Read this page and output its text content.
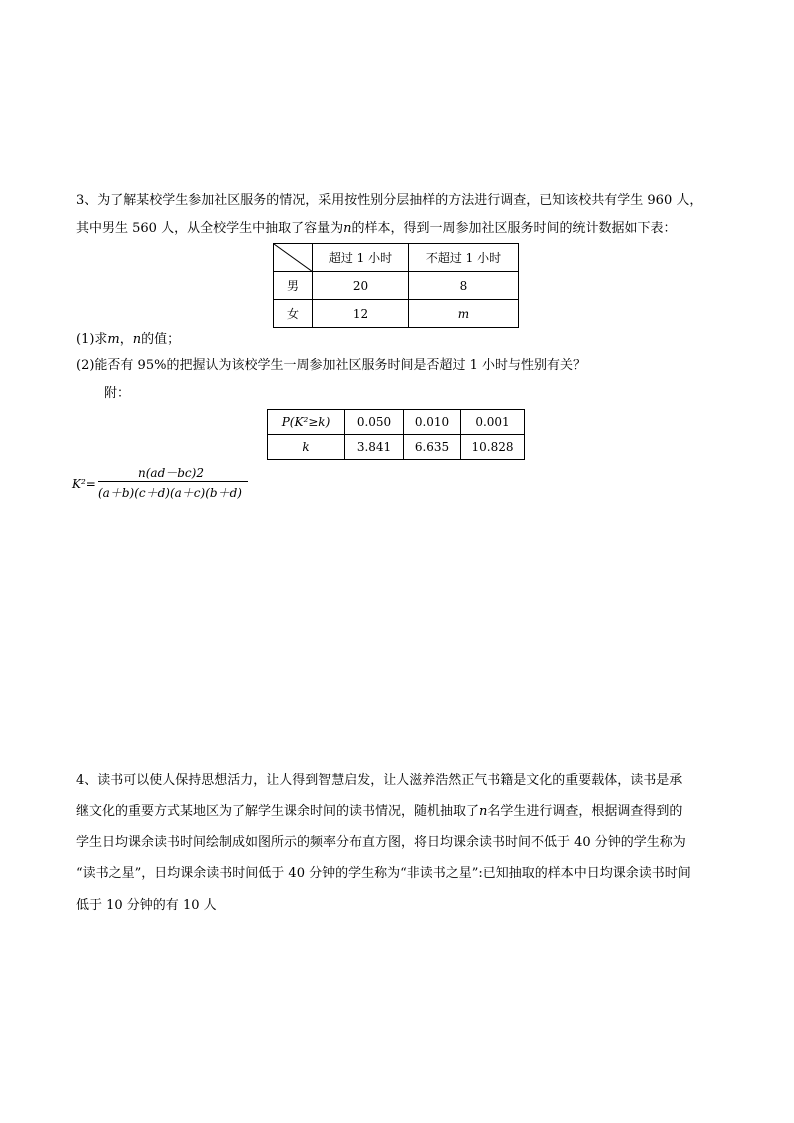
3、为了解某校学生参加社区服务的情况，采用按性别分层抽样的方法进行调查，已知该校共有学生 960 人，
其中男生 560 人，从全校学生中抽取了容量为n的样本，得到一周参加社区服务时间的统计数据如下表：
	超过 1 小时	不超过 1 小时
男	20	8
女	12	m
(1)求m，n的值；
(2)能否有 95%的把握认为该校学生一周参加社区服务时间是否超过 1 小时与性别有关？
附：
P(K²≥k)	0.050	0.010	0.001
k	3.841	6.635	10.828
K²=
n(ad－bc)2
(a＋b)(c＋d)(a＋c)(b＋d)
4、读书可以使人保持思想活力，让人得到智慧启发，让人滋养浩然正气书籍是文化的重要载体，读书是承
继文化的重要方式某地区为了解学生课余时间的读书情况，随机抽取了n名学生进行调查，根据调查得到的
学生日均课余读书时间绘制成如图所示的频率分布直方图，将日均课余读书时间不低于 40 分钟的学生称为
“读书之星”，日均课余读书时间低于 40 分钟的学生称为“非读书之星”:已知抽取的样本中日均课余读书时间
低于 10 分钟的有 10 人
